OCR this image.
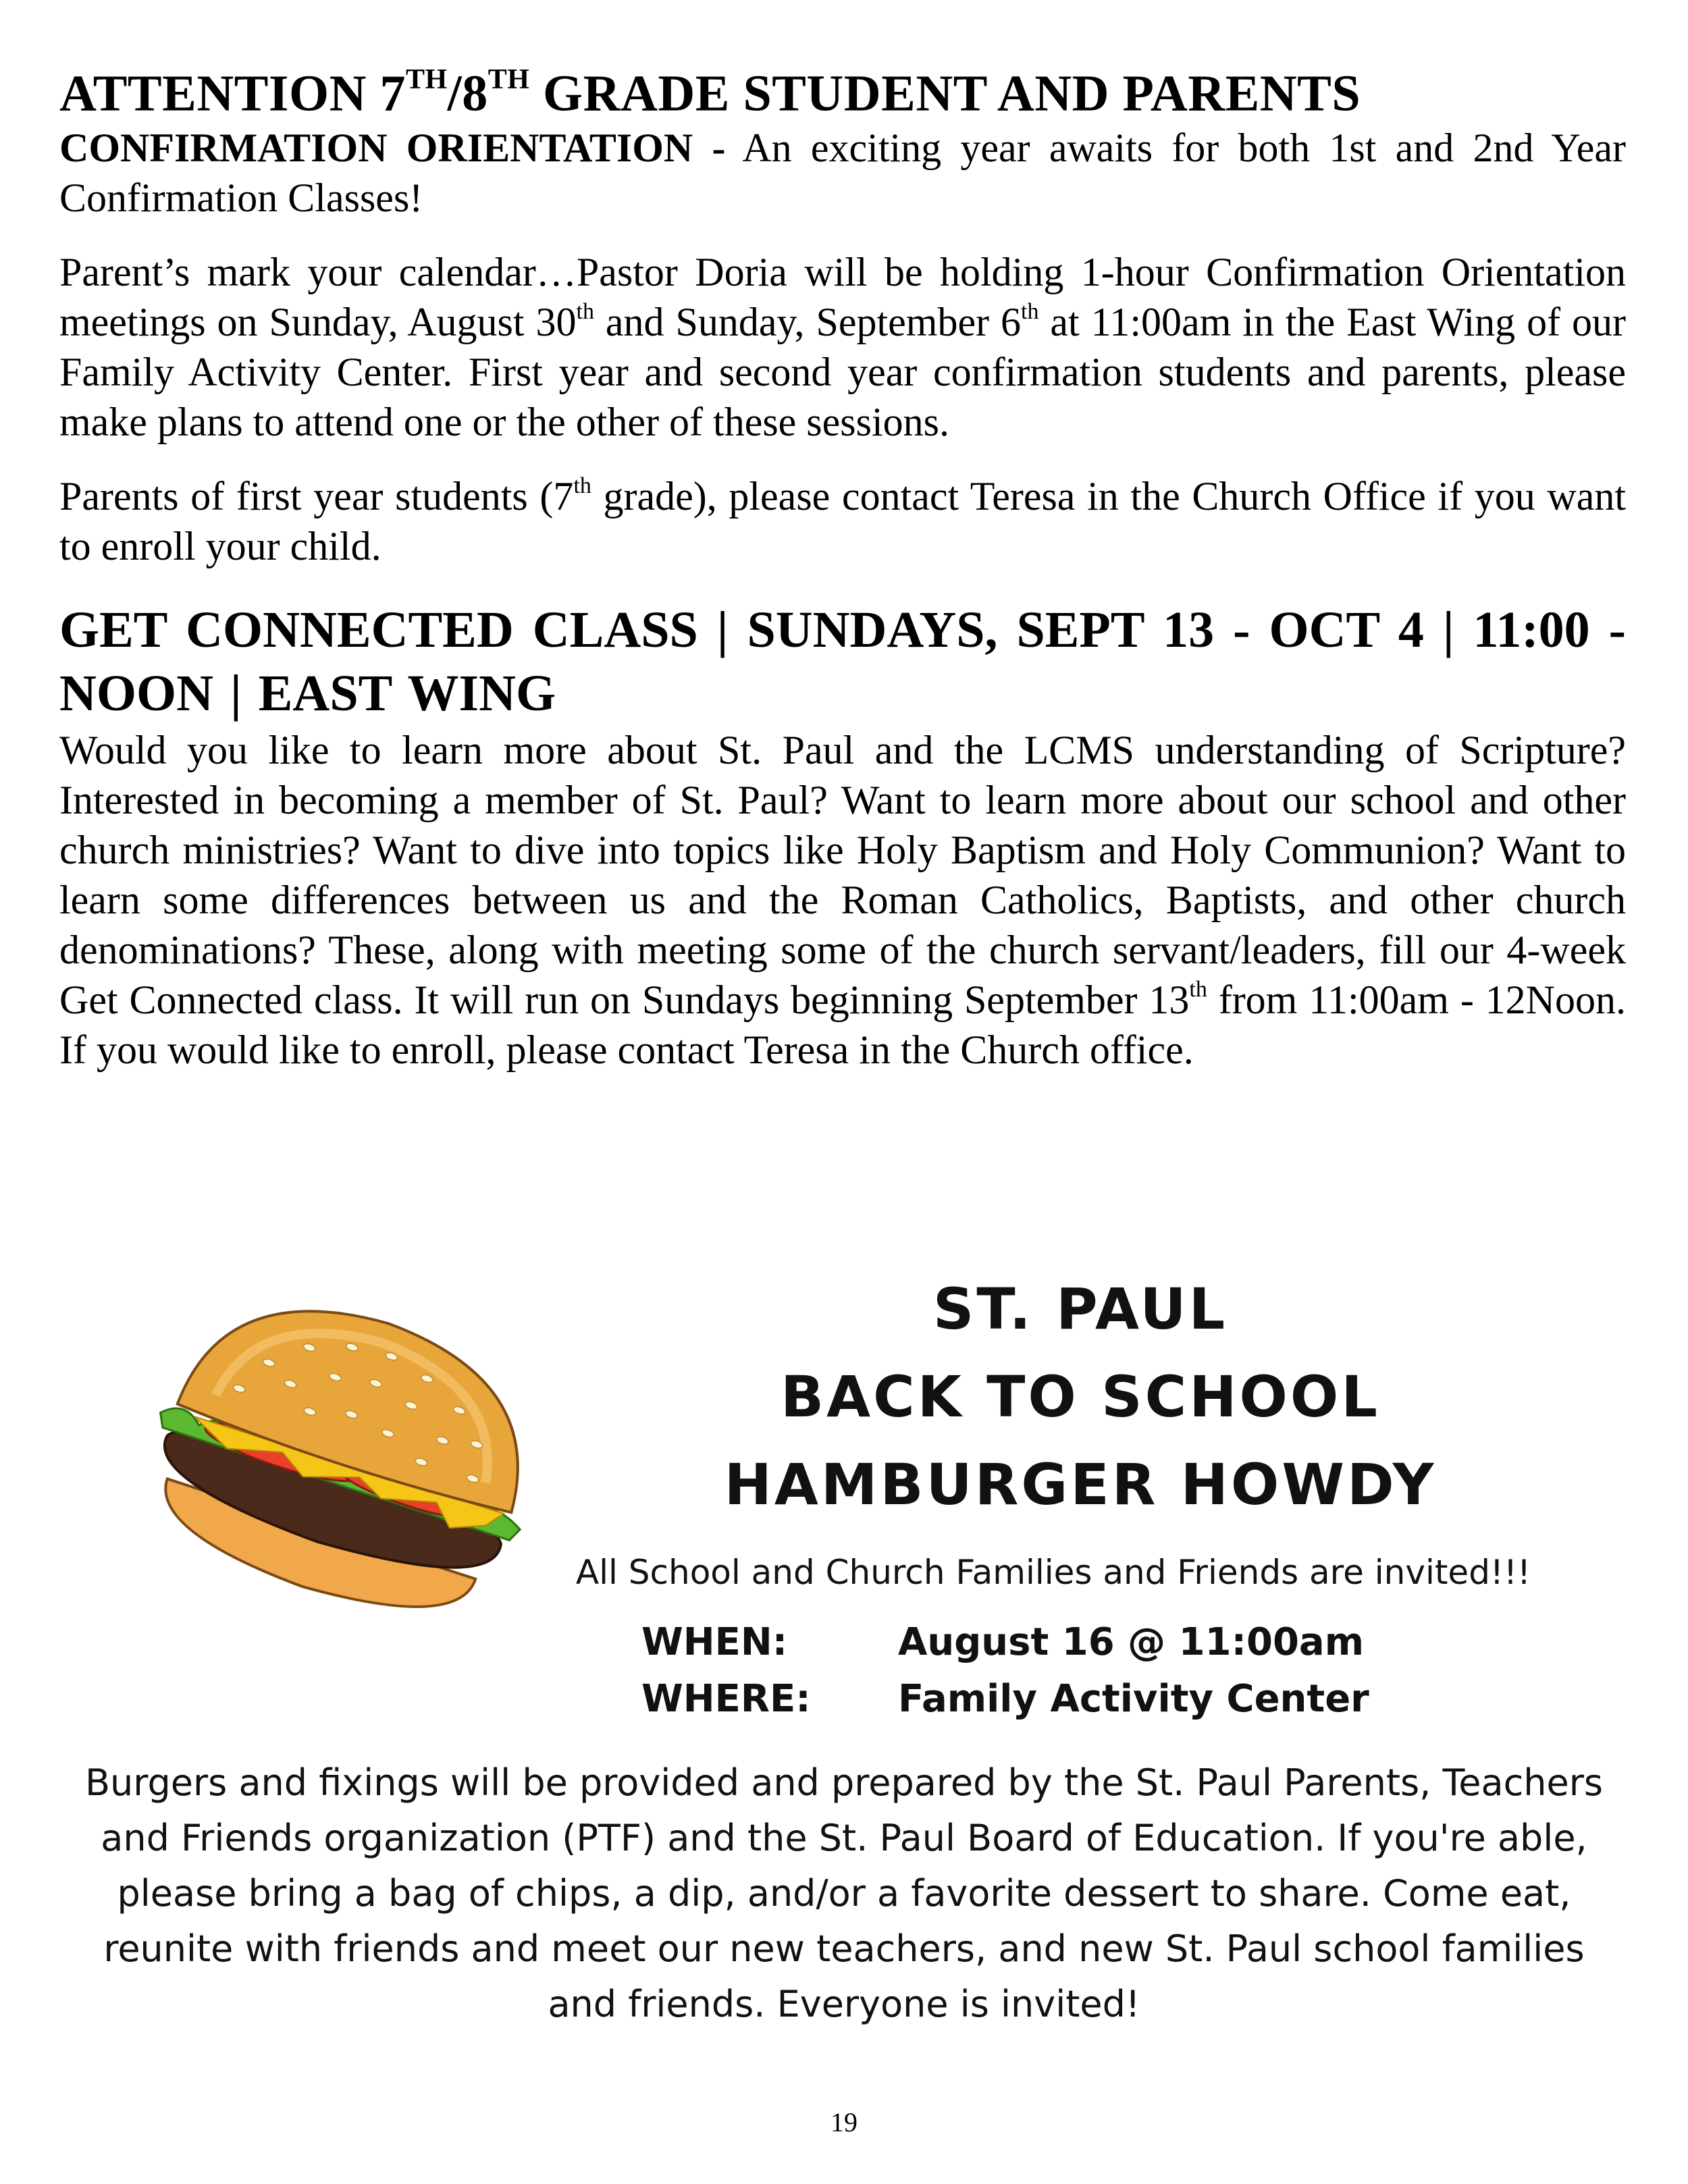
ATTENTION 7TH/8TH GRADE STUDENT AND PARENTS

CONFIRMATION ORIENTATION - An exciting year awaits for both 1st and 2nd Year Confirmation Classes!

Parent’s mark your calendar…Pastor Doria will be holding 1-hour Confirmation Orientation meetings on Sunday, August 30th and Sunday, September 6th at 11:00am in the East Wing of our Family Activity Center. First year and second year confirmation students and parents, please make plans to attend one or the other of these sessions.

Parents of first year students (7th grade), please contact Teresa in the Church Office if you want to enroll your child.

GET CONNECTED CLASS | SUNDAYS, SEPT 13 - OCT 4 | 11:00 - NOON | EAST WING

Would you like to learn more about St. Paul and the LCMS understanding of Scripture? Interested in becoming a member of St. Paul? Want to learn more about our school and other church ministries? Want to dive into topics like Holy Baptism and Holy Communion? Want to learn some differences between us and the Roman Catholics, Baptists, and other church denominations? These, along with meeting some of the church servant/leaders, fill our 4-week Get Connected class. It will run on Sundays beginning September 13th from 11:00am - 12Noon. If you would like to enroll, please contact Teresa in the Church office.

ST. PAUL
BACK TO SCHOOL
HAMBURGER HOWDY
All School and Church Families and Friends are invited!!!
WHEN:	August 16 @ 11:00am
WHERE: Family Activity Center
Burgers and fixings will be provided and prepared by the St. Paul Parents, Teachers and Friends organization (PTF) and the St. Paul Board of Education. If you're able, please bring a bag of chips, a dip, and/or a favorite dessert to share. Come eat, reunite with friends and meet our new teachers, and new St. Paul school families and friends. Everyone is invited!
19
